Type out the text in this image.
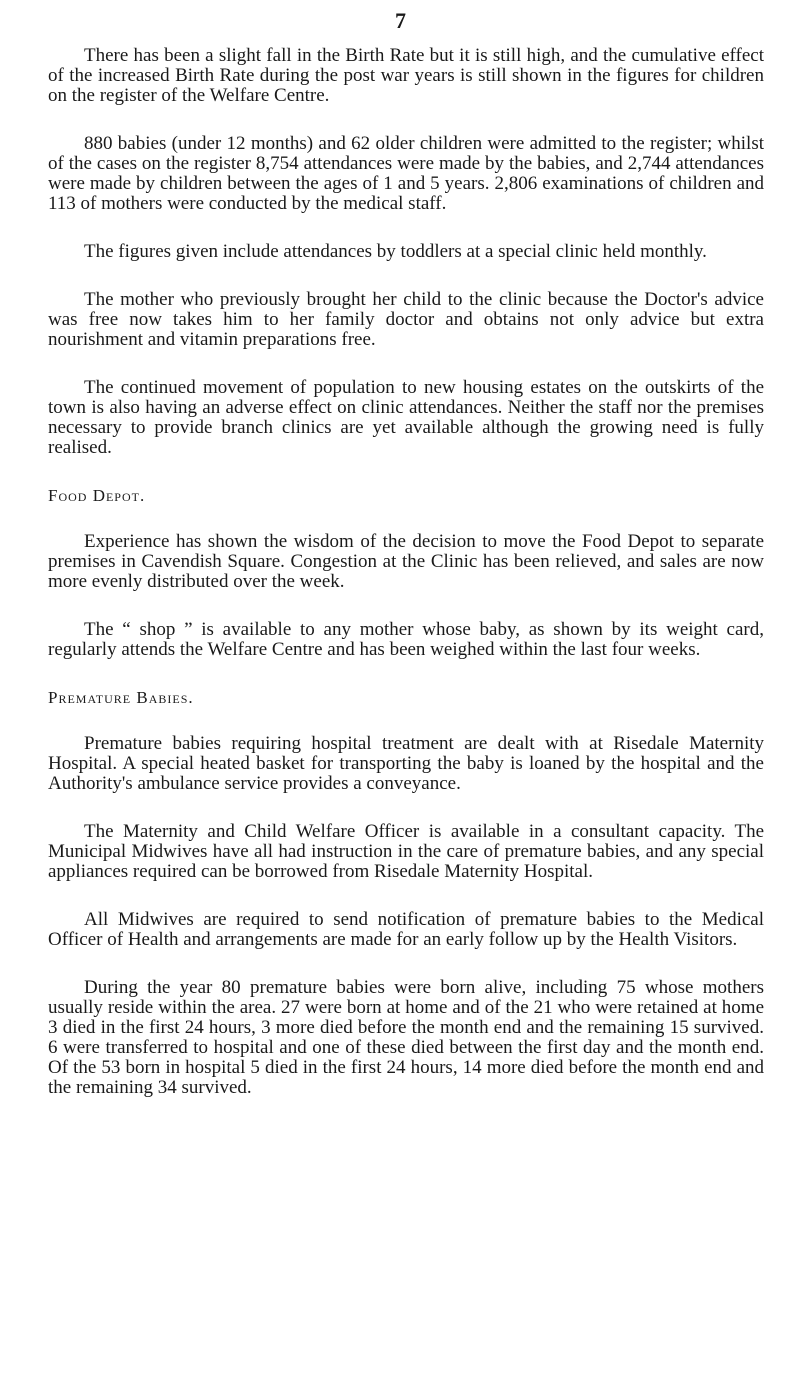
7

There has been a slight fall in the Birth Rate but it is still high, and the cumulative effect of the increased Birth Rate during the post war years is still shown in the figures for children on the register of the Welfare Centre.

880 babies (under 12 months) and 62 older children were admitted to the register; whilst of the cases on the register 8,754 attendances were made by the babies, and 2,744 attendances were made by children between the ages of 1 and 5 years. 2,806 examinations of children and 113 of mothers were conducted by the medical staff.

The figures given include attendances by toddlers at a special clinic held monthly.

The mother who previously brought her child to the clinic because the Doctor's advice was free now takes him to her family doctor and obtains not only advice but extra nourishment and vitamin preparations free.

The continued movement of population to new housing estates on the outskirts of the town is also having an adverse effect on clinic attendances. Neither the staff nor the premises necessary to provide branch clinics are yet available although the growing need is fully realised.

Food Depot.

Experience has shown the wisdom of the decision to move the Food Depot to separate premises in Cavendish Square. Congestion at the Clinic has been relieved, and sales are now more evenly distributed over the week.

The “ shop ” is available to any mother whose baby, as shown by its weight card, regularly attends the Welfare Centre and has been weighed within the last four weeks.

Premature Babies.

Premature babies requiring hospital treatment are dealt with at Risedale Maternity Hospital. A special heated basket for transporting the baby is loaned by the hospital and the Authority's ambulance service provides a conveyance.

The Maternity and Child Welfare Officer is available in a consultant capacity. The Municipal Midwives have all had instruction in the care of premature babies, and any special appliances required can be borrowed from Risedale Maternity Hospital.

All Midwives are required to send notification of premature babies to the Medical Officer of Health and arrangements are made for an early follow up by the Health Visitors.

During the year 80 premature babies were born alive, including 75 whose mothers usually reside within the area. 27 were born at home and of the 21 who were retained at home 3 died in the first 24 hours, 3 more died before the month end and the remaining 15 survived. 6 were transferred to hospital and one of these died between the first day and the month end. Of the 53 born in hospital 5 died in the first 24 hours, 14 more died before the month end and the remaining 34 survived.
